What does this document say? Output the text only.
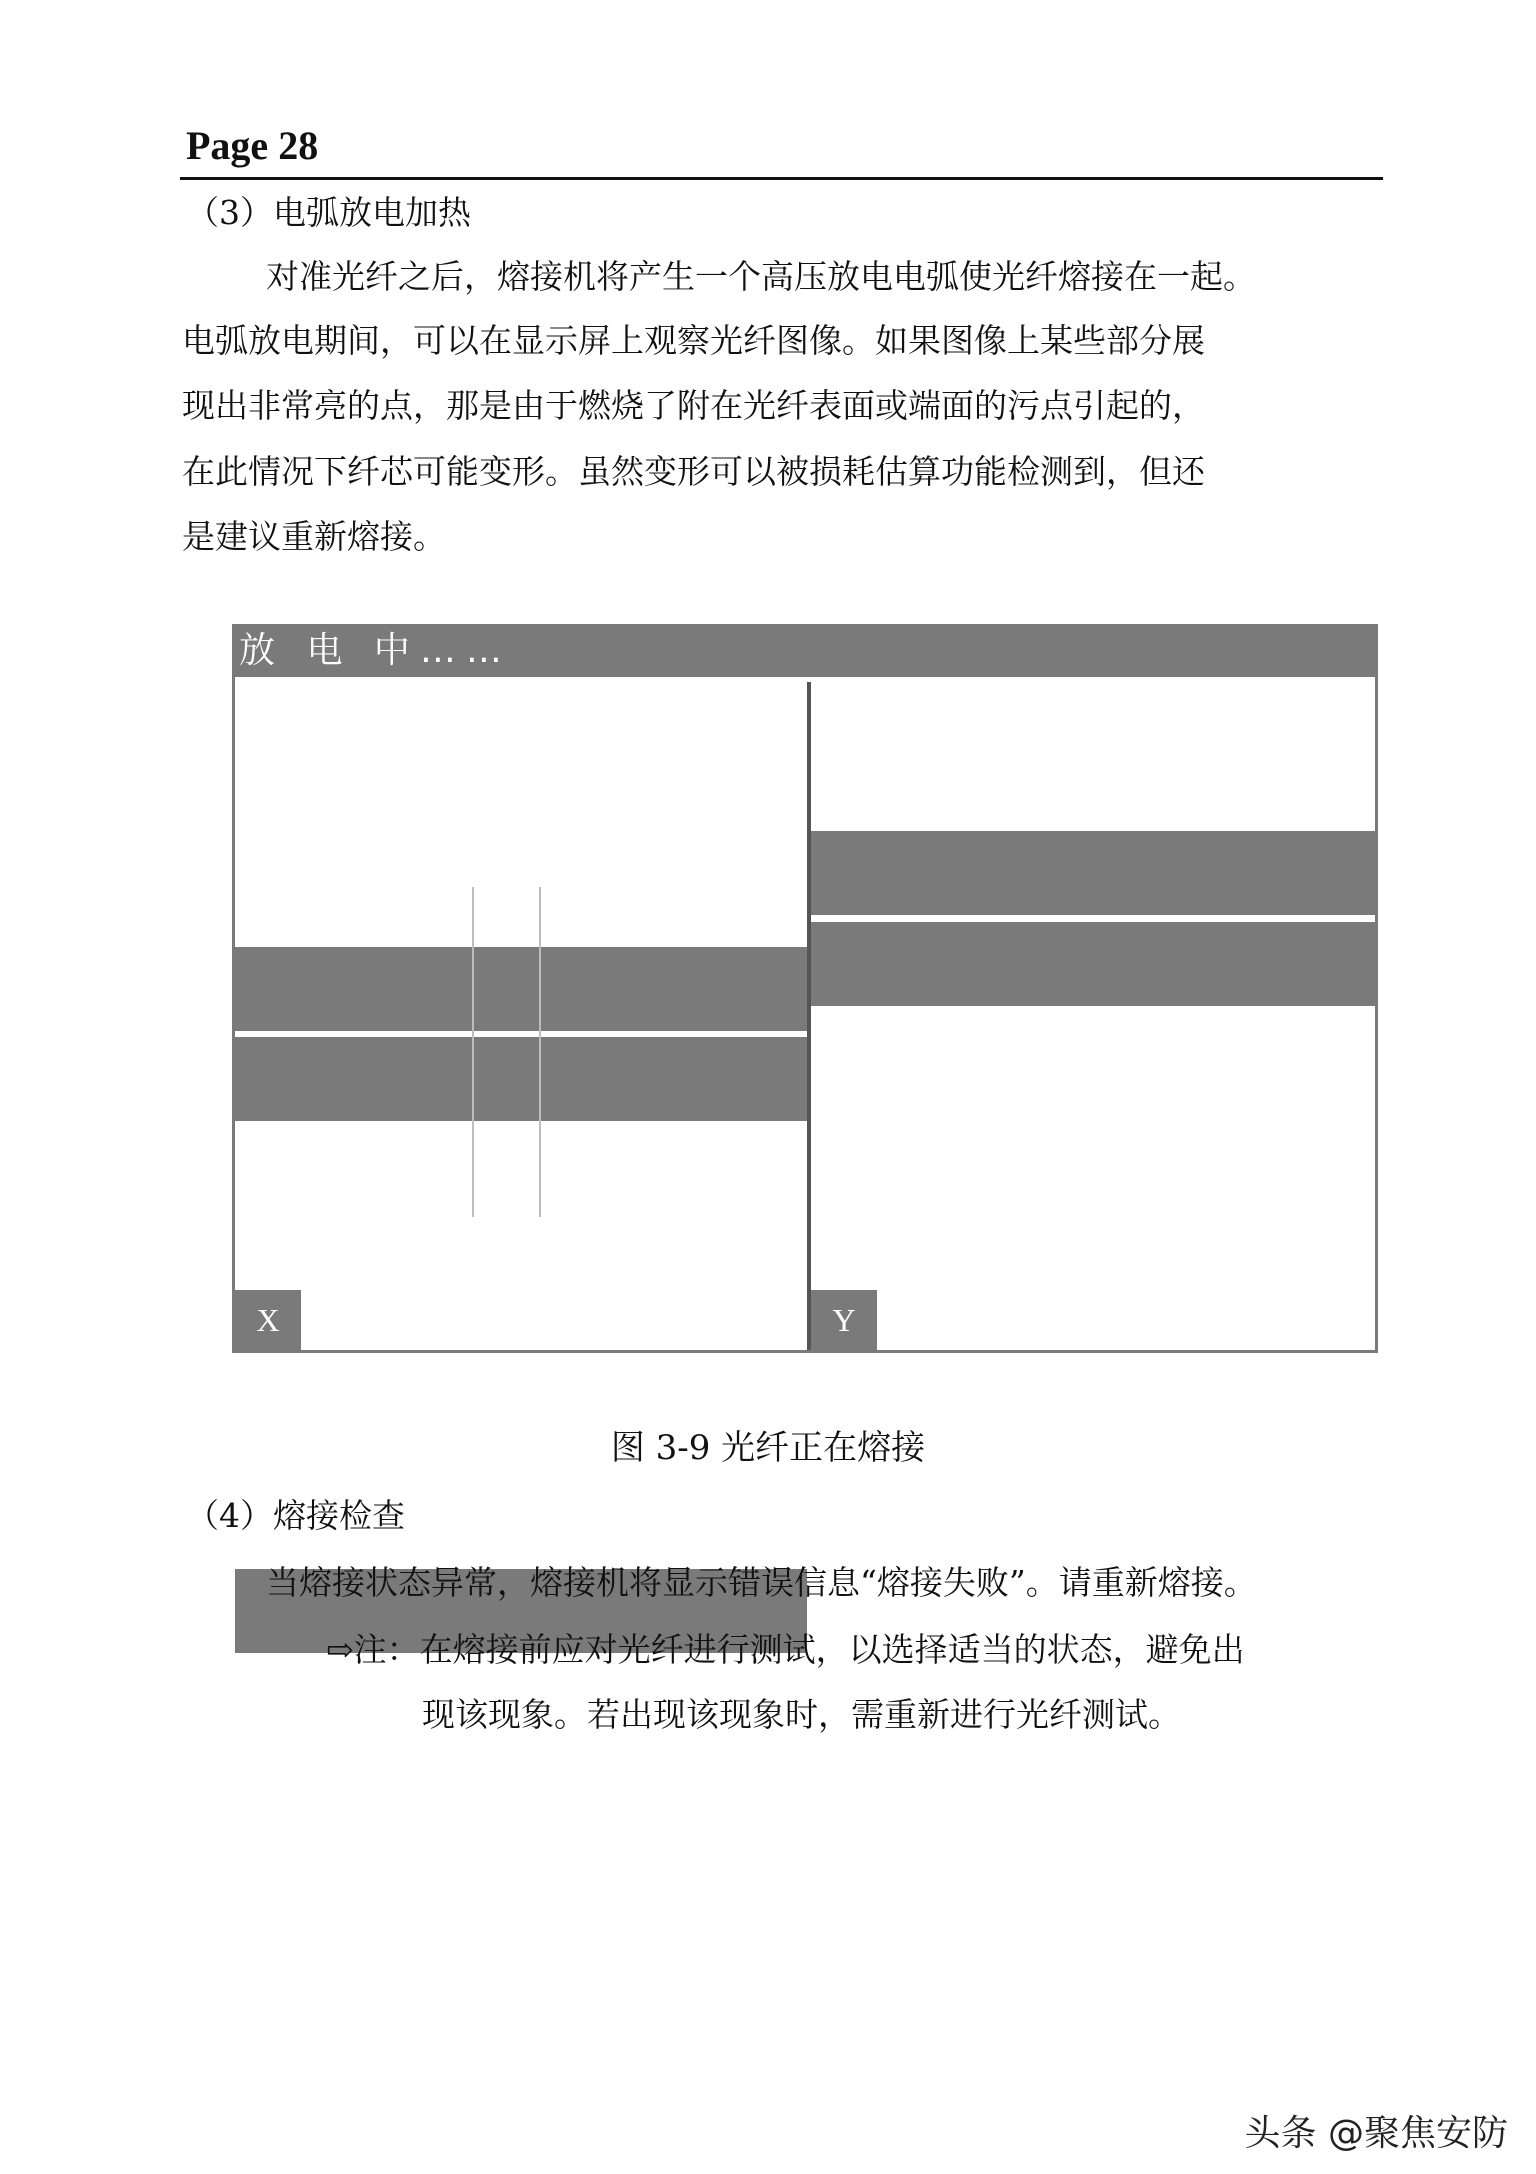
Page 28
（3）电弧放电加热
对准光纤之后，熔接机将产生一个高压放电电弧使光纤熔接在一起。
电弧放电期间，可以在显示屏上观察光纤图像。如果图像上某些部分展
现出非常亮的点，那是由于燃烧了附在光纤表面或端面的污点引起的，
在此情况下纤芯可能变形。虽然变形可以被损耗估算功能检测到，但还
是建议重新熔接。
放 电 中……
X	Y
图 3-9 光纤正在熔接
（4）熔接检查
当熔接状态异常，熔接机将显示错误信息“熔接失败”。请重新熔接。
⇨注：在熔接前应对光纤进行测试，以选择适当的状态，避免出
现该现象。若出现该现象时，需重新进行光纤测试。
头条 @聚焦安防
